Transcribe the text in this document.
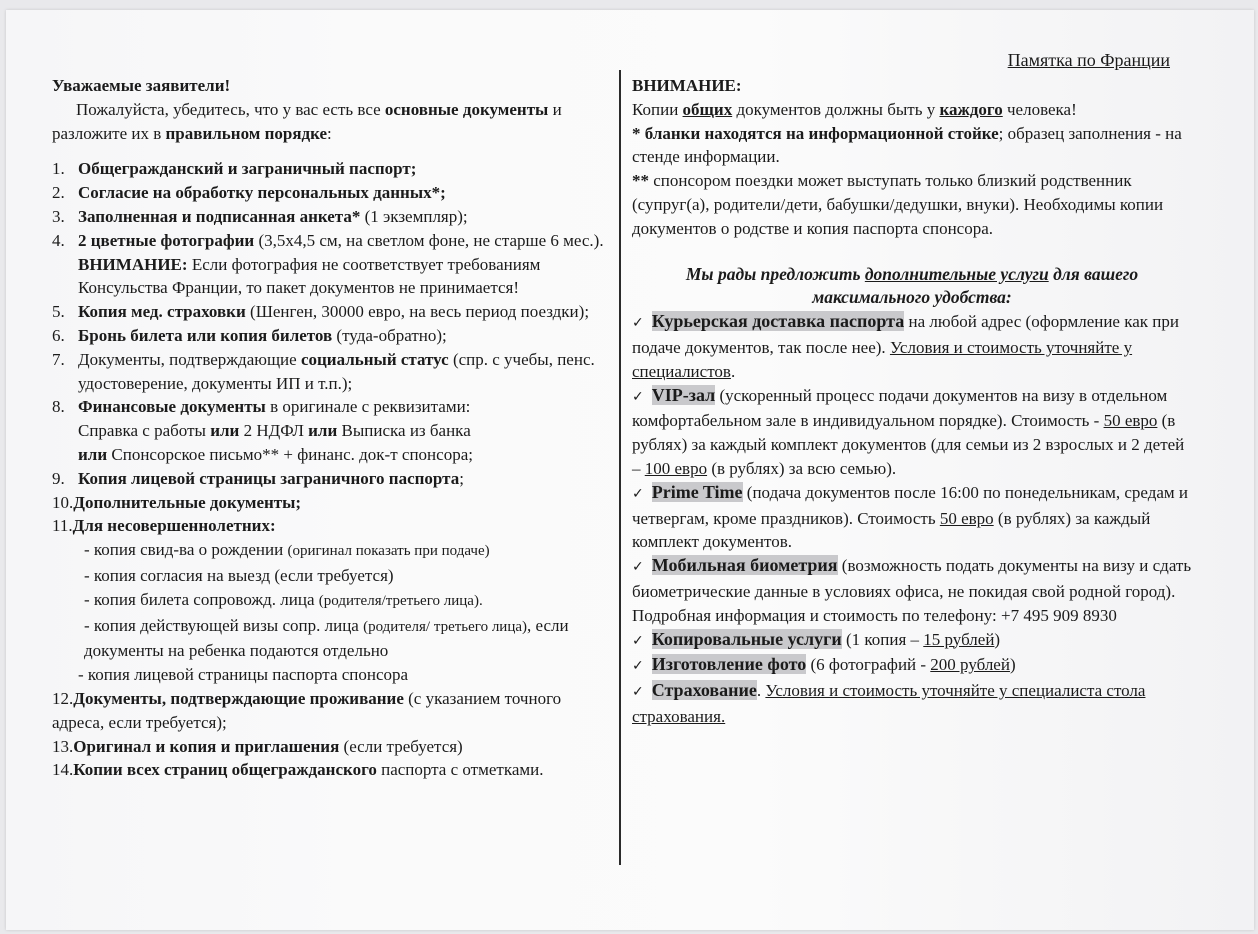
Памятка по Франции
Уважаемые заявители!
Пожалуйста, убедитесь, что у вас есть все основные документы и разложите их в правильном порядке:
1. Общегражданский и заграничный паспорт;
2. Согласие на обработку персональных данных*;
3. Заполненная и подписанная анкета* (1 экземпляр);
4. 2 цветные фотографии (3,5x4,5 см, на светлом фоне, не старше 6 мес.). ВНИМАНИЕ: Если фотография не соответствует требованиям Консульства Франции, то пакет документов не принимается!
5. Копия мед. страховки (Шенген, 30000 евро, на весь период поездки);
6. Бронь билета или копия билетов (туда-обратно);
7. Документы, подтверждающие социальный статус (спр. с учебы, пенс. удостоверение, документы ИП и т.п.);
8. Финансовые документы в оригинале с реквизитами:
Справка с работы или 2 НДФЛ или Выписка из банка
или Спонсорское письмо** + финанс. док-т спонсора;
9. Копия лицевой страницы заграничного паспорта;
10.Дополнительные документы;
11.Для несовершеннолетних:
- копия свид-ва о рождении (оригинал показать при подаче)
- копия согласия на выезд (если требуется)
- копия билета сопровожд. лица (родителя/третьего лица).
- копия действующей визы сопр. лица (родителя/ третьего лица), если документы на ребенка подаются отдельно
- копия лицевой страницы паспорта спонсора
12.Документы, подтверждающие проживание (с указанием точного адреса, если требуется);
13.Оригинал и копия и приглашения (если требуется)
14.Копии всех страниц общегражданского паспорта с отметками.
ВНИМАНИЕ:
Копии общих документов должны быть у каждого человека!
* бланки находятся на информационной стойке; образец заполнения - на стенде информации.
** спонсором поездки может выступать только близкий родственник (супруг(а), родители/дети, бабушки/дедушки, внуки). Необходимы копии документов о родстве и копия паспорта спонсора.
Мы рады предложить дополнительные услуги для вашего максимального удобства:
✓ Курьерская доставка паспорта на любой адрес (оформление как при подаче документов, так после нее). Условия и стоимость уточняйте у специалистов.
✓ VIP-зал (ускоренный процесс подачи документов на визу в отдельном комфортабельном зале в индивидуальном порядке). Стоимость - 50 евро (в рублях) за каждый комплект документов (для семьи из 2 взрослых и 2 детей – 100 евро (в рублях) за всю семью).
✓ Prime Time (подача документов после 16:00 по понедельникам, средам и четвергам, кроме праздников). Стоимость 50 евро (в рублях) за каждый комплект документов.
✓ Мобильная биометрия (возможность подать документы на визу и сдать биометрические данные в условиях офиса, не покидая свой родной город). Подробная информация и стоимость по телефону: +7 495 909 8930
✓ Копировальные услуги (1 копия – 15 рублей)
✓ Изготовление фото (6 фотографий - 200 рублей)
✓ Страхование. Условия и стоимость уточняйте у специалиста стола страхования.
